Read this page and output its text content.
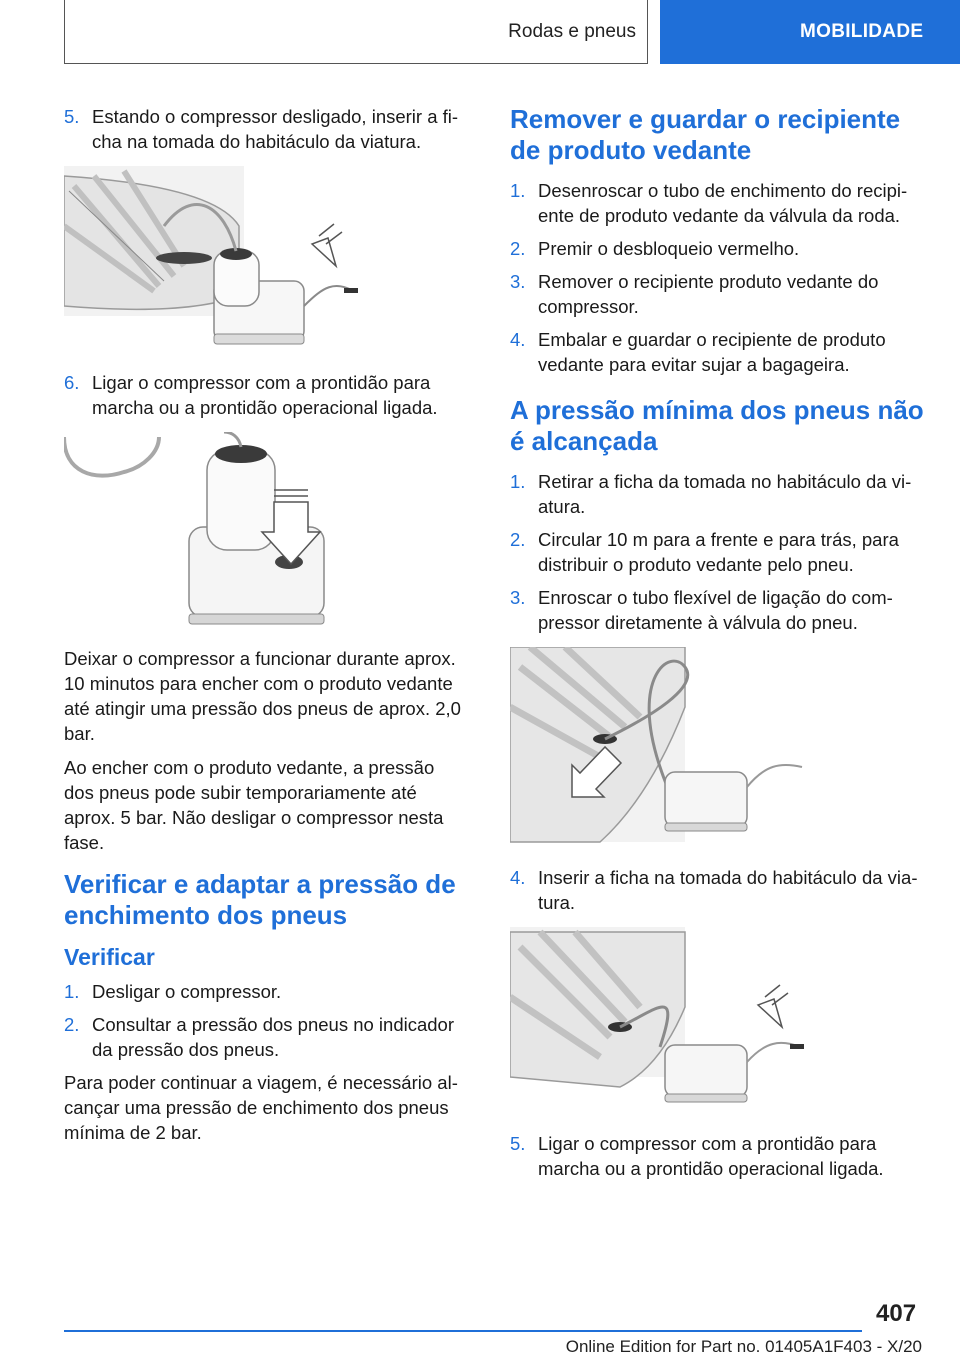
Rodas e pneus	MOBILIDADE
5. Estando o compressor desligado, inserir a ficha na tomada do habitáculo da viatura.
6. Ligar o compressor com a prontidão para marcha ou a prontidão operacional ligada.

Deixar o compressor a funcionar durante aprox. 10 minutos para encher com o produto vedante até atingir uma pressão dos pneus de aprox. 2,0 bar.

Ao encher com o produto vedante, a pressão dos pneus pode subir temporariamente até aprox. 5 bar. Não desligar o compressor nesta fase.

Verificar e adaptar a pressão de enchimento dos pneus
Verificar
1. Desligar o compressor.
2. Consultar a pressão dos pneus no indicador da pressão dos pneus.

Para poder continuar a viagem, é necessário alcançar uma pressão de enchimento dos pneus mínima de 2 bar.

Remover e guardar o recipiente de produto vedante
1. Desenroscar o tubo de enchimento do recipiente de produto vedante da válvula da roda.
2. Premir o desbloqueio vermelho.
3. Remover o recipiente produto vedante do compressor.
4. Embalar e guardar o recipiente de produto vedante para evitar sujar a bagageira.
A pressão mínima dos pneus não é alcançada
1. Retirar a ficha da tomada no habitáculo da viatura.
2. Circular 10 m para a frente e para trás, para distribuir o produto vedante pelo pneu.
3. Enroscar o tubo flexível de ligação do compressor diretamente à válvula do pneu.
4. Inserir a ficha na tomada do habitáculo da viatura.
5. Ligar o compressor com a prontidão para marcha ou a prontidão operacional ligada.
407
Online Edition for Part no. 01405A1F403 - X/20
